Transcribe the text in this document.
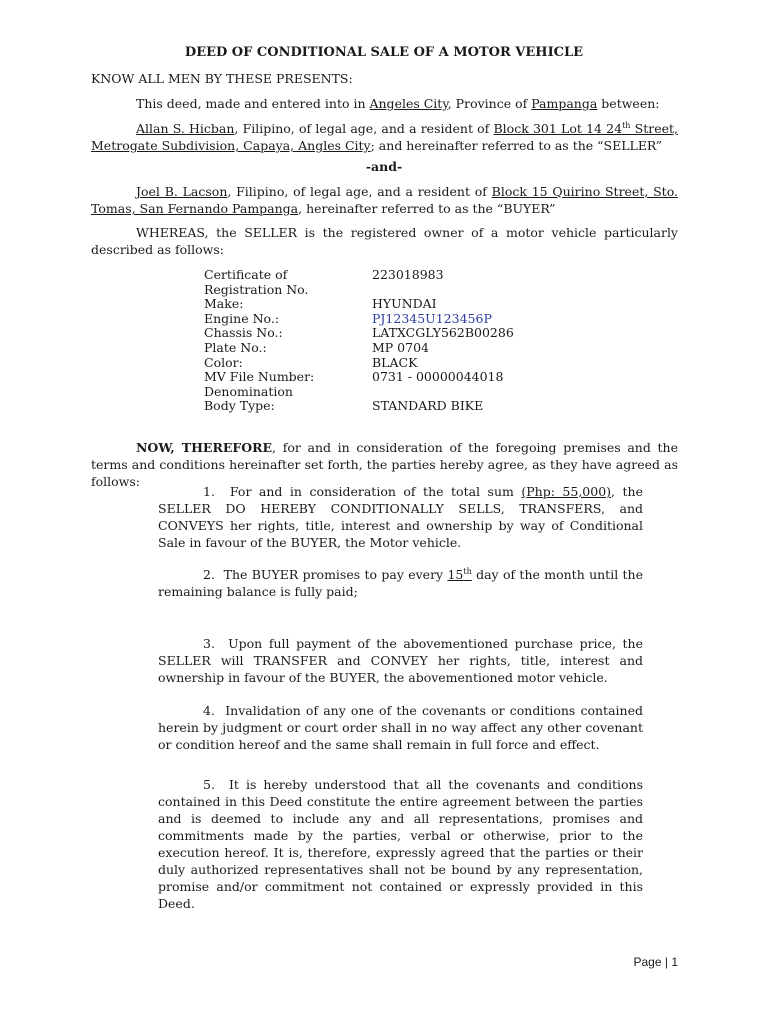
DEED OF CONDITIONAL SALE OF A MOTOR VEHICLE
KNOW ALL MEN BY THESE PRESENTS:
This deed, made and entered into in Angeles City, Province of Pampanga between:
Allan S. Hicban, Filipino, of legal age, and a resident of Block 301 Lot 14 24th Street, Metrogate Subdivision, Capaya, Angles City; and hereinafter referred to as the “SELLER”
-and-
Joel B. Lacson, Filipino, of legal age, and a resident of Block 15 Quirino Street, Sto. Tomas, San Fernando Pampanga, hereinafter referred to as the “BUYER”
WHEREAS, the SELLER is the registered owner of a motor vehicle particularly described as follows:
Certificate of	223018983
Registration No.
Make:	HYUNDAI
Engine No.:	PJ12345U123456P
Chassis No.:	LATXCGLY562B00286
Plate No.:	MP 0704
Color:	BLACK
MV File Number:	0731 - 00000044018
Denomination
Body Type:	STANDARD BIKE
NOW, THEREFORE, for and in consideration of the foregoing premises and the terms and conditions hereinafter set forth, the parties hereby agree, as they have agreed as follows:
1.  For and in consideration of the total sum (Php: 55,000), the SELLER DO HEREBY CONDITIONALLY SELLS, TRANSFERS, and CONVEYS her rights, title, interest and ownership by way of Conditional Sale in favour of the BUYER, the Motor vehicle.
2.  The BUYER promises to pay every 15th day of the month until the remaining balance is fully paid;
3.  Upon full payment of the abovementioned purchase price, the SELLER will TRANSFER and CONVEY her rights, title, interest and ownership in favour of the BUYER, the abovementioned motor vehicle.
4.  Invalidation of any one of the covenants or conditions contained herein by judgment or court order shall in no way affect any other covenant or condition hereof and the same shall remain in full force and effect.
5.  It is hereby understood that all the covenants and conditions contained in this Deed constitute the entire agreement between the parties and is deemed to include any and all representations, promises and commitments made by the parties, verbal or otherwise, prior to the execution hereof. It is, therefore, expressly agreed that the parties or their duly authorized representatives shall not be bound by any representation, promise and/or commitment not contained or expressly provided in this Deed.
Page | 1
